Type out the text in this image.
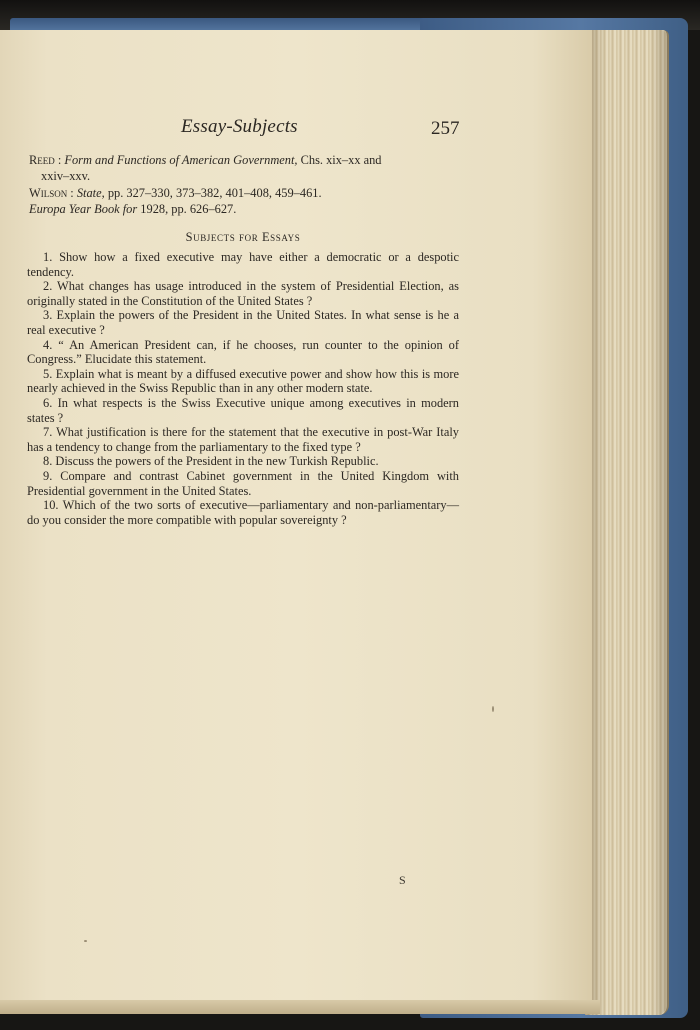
Essay-Subjects	257
Reed : Form and Functions of American Government, Chs. xix–xx and
xxiv–xxv.
Wilson : State, pp. 327–330, 373–382, 401–408, 459–461.
Europa Year Book for 1928, pp. 626–627.
Subjects for Essays

1. Show how a fixed executive may have either a democratic or a despotic tendency.

2. What changes has usage introduced in the system of Presidential Election, as originally stated in the Constitution of the United States ?

3. Explain the powers of the President in the United States. In what sense is he a real executive ?

4. “ An American President can, if he chooses, run counter to the opinion of Congress.” Elucidate this statement.

5. Explain what is meant by a diffused executive power and show how this is more nearly achieved in the Swiss Republic than in any other modern state.

6. In what respects is the Swiss Executive unique among executives in modern states ?

7. What justification is there for the statement that the executive in post-War Italy has a tendency to change from the parliamentary to the fixed type ?

8. Discuss the powers of the President in the new Turkish Republic.

9. Compare and contrast Cabinet government in the United Kingdom with Presidential government in the United States.

10. Which of the two sorts of executive—parliamentary and non-parliamentary—do you consider the more compatible with popular sovereignty ?

S
